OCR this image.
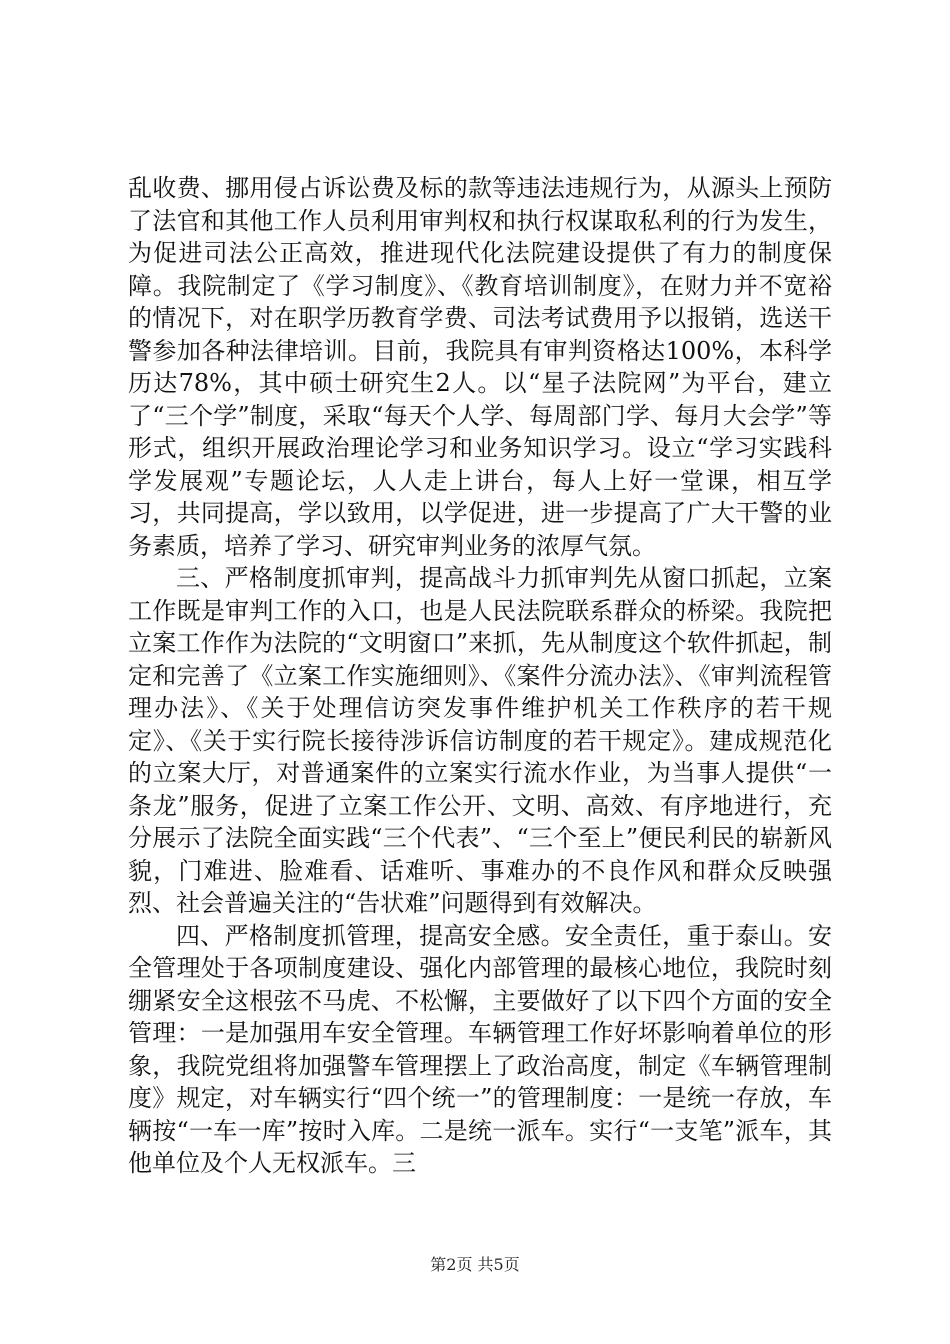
乱收费、挪用侵占诉讼费及标的款等违法违规行为，从源头上预防了法官和其他工作人员利用审判权和执行权谋取私利的行为发生，为促进司法公正高效，推进现代化法院建设提供了有力的制度保障。我院制定了《学习制度》、《教育培训制度》，在财力并不宽裕的情况下，对在职学历教育学费、司法考试费用予以报销，选送干警参加各种法律培训。目前，我院具有审判资格达100%，本科学历达78%，其中硕士研究生2人。以“星子法院网”为平台，建立了“三个学”制度，采取“每天个人学、每周部门学、每月大会学”等形式，组织开展政治理论学习和业务知识学习。设立“学习实践科学发展观”专题论坛，人人走上讲台，每人上好一堂课，相互学习，共同提高，学以致用，以学促进，进一步提高了广大干警的业务素质，培养了学习、研究审判业务的浓厚气氛。

三、严格制度抓审判，提高战斗力抓审判先从窗口抓起，立案工作既是审判工作的入口，也是人民法院联系群众的桥梁。我院把立案工作作为法院的“文明窗口”来抓，先从制度这个软件抓起，制定和完善了《立案工作实施细则》、《案件分流办法》、《审判流程管理办法》、《关于处理信访突发事件维护机关工作秩序的若干规定》、《关于实行院长接待涉诉信访制度的若干规定》。建成规范化的立案大厅，对普通案件的立案实行流水作业，为当事人提供“一条龙”服务，促进了立案工作公开、文明、高效、有序地进行，充分展示了法院全面实践“三个代表”、“三个至上”便民利民的崭新风貌，门难进、脸难看、话难听、事难办的不良作风和群众反映强烈、社会普遍关注的“告状难”问题得到有效解决。

四、严格制度抓管理，提高安全感。安全责任，重于泰山。安全管理处于各项制度建设、强化内部管理的最核心地位，我院时刻绷紧安全这根弦不马虎、不松懈，主要做好了以下四个方面的安全管理：一是加强用车安全管理。车辆管理工作好坏影响着单位的形象，我院党组将加强警车管理摆上了政治高度，制定《车辆管理制度》规定，对车辆实行“四个统一”的管理制度：一是统一存放，车辆按“一车一库”按时入库。二是统一派车。实行“一支笔”派车，其他单位及个人无权派车。三

第2页 共5页
